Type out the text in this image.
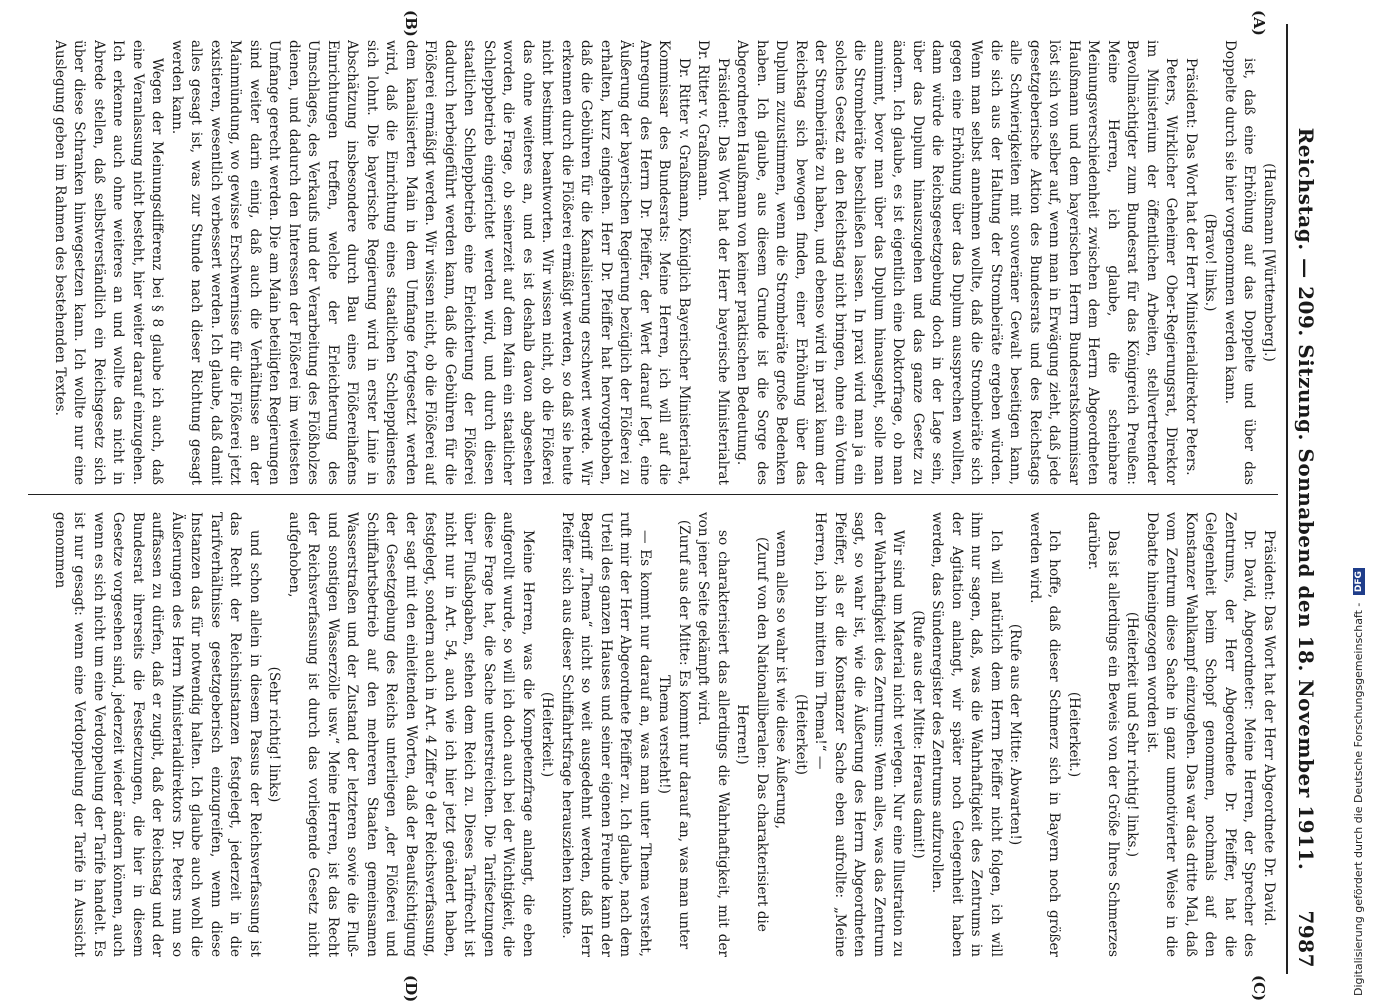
Reichstag. — 209. Sitzung. Sonnabend den 18. November 1911.
7987
(A)
(B)
(C)
(D)

(Haußmann [Württemberg].)

ist, daß eine Erhöhung auf das Doppelte und über das Doppelte durch sie hier vorgenommen werden kann.

(Bravo! links.)

Präsident: Das Wort hat der Herr Ministerialdirektor Peters.

Peters, Wirklicher Geheimer Ober-Regierungsrat, Direktor im Ministerium der öffentlichen Arbeiten, stellvertretender Bevollmächtigter zum Bundesrat für das Königreich Preußen: Meine Herren, ich glaube, die scheinbare Meinungsverschiedenheit zwischen dem Herrn Abgeordneten Haußmann und dem bayerischen Herrn Bundesratskommissar löst sich von selber auf, wenn man in Erwägung zieht, daß jede gesetzgeberische Aktion des Bundesrats und des Reichstags alle Schwierigkeiten mit souveräner Gewalt beseitigen kann, die sich aus der Haltung der Strombeiräte ergeben würden. Wenn man selbst annehmen wollte, daß die Strombeiräte sich gegen eine Erhöhung über das Duplum aussprechen wollten, dann würde die Reichsgesetzgebung doch in der Lage sein, über das Duplum hinauszugehen und das ganze Gesetz zu ändern. Ich glaube, es ist eigentlich eine Doktorfrage, ob man annimmt, bevor man über das Duplum hinausgeht, solle man die Strombeiräte beschließen lassen. In praxi wird man ja ein solches Gesetz an den Reichstag nicht bringen, ohne ein Votum der Strombeiräte zu haben, und ebenso wird in praxi kaum der Reichstag sich bewogen finden, einer Erhöhung über das Duplum zuzustimmen, wenn die Strombeiräte große Bedenken haben. Ich glaube, aus diesem Grunde ist die Sorge des Abgeordneten Haußmann von keiner praktischen Bedeutung.

Präsident: Das Wort hat der Herr bayerische Ministerialrat Dr. Ritter v. Graßmann.

Dr. Ritter v. Graßmann, Königlich Bayerischer Ministerialrat, Kommissar des Bundesrats: Meine Herren, ich will auf die Anregung des Herrn Dr. Pfeiffer, der Wert darauf legt, eine Äußerung der bayerischen Regierung bezüglich der Flößerei zu erhalten, kurz eingehen. Herr Dr. Pfeiffer hat hervorgehoben, daß die Gebühren für die Kanalisierung erschwert werde. Wir erkennen durch die Flößerei ermäßigt werden, so daß sie heute nicht bestimmt beantworten. Wir wissen nicht, ob die Flößerei das ohne weiteres an, und es ist deshalb davon abgesehen worden, die Frage, ob seinerzeit auf dem Main ein staatlicher Schleppbetrieb eingerichtet werden wird, und durch diesen staatlichen Schleppbetrieb eine Erleichterung der Flößerei dadurch herbeigeführt werden kann, daß die Gebühren für die Flößerei ermäßigt werden. Wir wissen nicht, ob die Flößerei auf dem kanalisierten Main in dem Umfange fortgesetzt werden wird, daß die Einrichtung eines staatlichen Schleppdienstes sich lohnt. Die bayerische Regierung wird in erster Linie in Abschätzung insbesondere durch Bau eines Flößereihafens Einrichtungen treffen, welche der Erleichterung des Umschlages, des Verkaufs und der Verarbeitung des Flößholzes dienen, und dadurch den Interessen der Flößerei im weitesten Umfange gerecht werden. Die am Main beteiligten Regierungen sind weiter darin einig, daß auch die Verhältnisse an der Mainmündung, wo gewisse Erschwernisse für die Flößerei jetzt existieren, wesentlich verbessert werden. Ich glaube, daß damit alles gesagt ist, was zur Stunde nach dieser Richtung gesagt werden kann.

Wegen der Meinungsdifferenz bei § 8 glaube ich auch, daß eine Veranlassung nicht besteht, hier weiter darauf einzugehen. Ich erkenne auch ohne weiteres an und wollte das nicht in Abrede stellen, daß selbstverständlich ein Reichsgesetz sich über diese Schranken hinwegsetzen kann. Ich wollte nur eine Auslegung geben im Rahmen des bestehenden Textes.

Präsident: Das Wort hat der Herr Abgeordnete Dr. David.

Dr. David, Abgeordneter: Meine Herren, der Sprecher des Zentrums, der Herr Abgeordnete Dr. Pfeiffer, hat die Gelegenheit beim Schopf genommen, nochmals auf den Konstanzer Wahlkampf einzugehen. Das war das dritte Mal, daß vom Zentrum diese Sache in ganz unmotivierter Weise in die Debatte hineingezogen worden ist.

(Heiterkeit und Sehr richtig! links.)

Das ist allerdings ein Beweis von der Größe Ihres Schmerzes darüber.

(Heiterkeit.)

Ich hoffe, daß dieser Schmerz sich in Bayern noch größer werden wird.

(Rufe aus der Mitte: Abwarten!)

Ich will natürlich dem Herrn Pfeiffer nicht folgen, ich will ihm nur sagen, daß, was die Wahrhaftigkeit des Zentrums in der Agitation anlangt, wir später noch Gelegenheit haben werden, das Sündenregister des Zentrums aufzurollen.

(Rufe aus der Mitte: Heraus damit!)

Wir sind um Material nicht verlegen. Nur eine Illustration zu der Wahrhaftigkeit des Zentrums: Wenn alles, was das Zentrum sagt, so wahr ist, wie die Äußerung des Herrn Abgeordneten Pfeiffer, als er die Konstanzer Sache eben aufrollte: „Meine Herren, ich bin mitten im Thema!“ —

(Heiterkeit)

wenn alles so wahr ist wie diese Äußerung,

(Zuruf von den Nationalliberalen: Das charakterisiert die Herren!)

so charakterisiert das allerdings die Wahrhaftigkeit, mit der von jener Seite gekämpft wird.

(Zuruf aus der Mitte: Es kommt nur darauf an, was man unter Thema versteht!)

— Es kommt nur darauf an, was man unter Thema versteht, ruft mir der Herr Abgeordnete Pfeiffer zu. Ich glaube, nach dem Urteil des ganzen Hauses und seiner eigenen Freunde kann der Begriff „Thema“ nicht so weit ausgedehnt werden, daß Herr Pfeiffer sich aus dieser Schiffahrtsfrage herausziehen konnte.

(Heiterkeit.)

Meine Herren, was die Kompetenzfrage anlangt, die eben aufgerollt wurde, so will ich doch auch bei der Wichtigkeit, die diese Frage hat, die Sache unterstreichen. Die Tarifsetzungen über Flußabgaben, stehen dem Reich zu. Dieses Tarifrecht ist nicht nur in Art. 54, auch wie ich hier jetzt geändert haben, festgelegt, sondern auch in Art. 4 Ziffer 9 der Reichsverfassung, der sagt mit den einleitenden Worten, daß der Beaufsichtigung der Gesetzgebung des Reichs unterliegen „der Flößerei und Schiffahrtsbetrieb auf den mehreren Staaten gemeinsamen Wasserstraßen und der Zustand der letzteren sowie die Fluß- und sonstigen Wasserzölle usw.“ Meine Herren, ist das Recht der Reichsverfassung ist durch das vorliegende Gesetz nicht aufgehoben,

(Sehr richtig! links)

und schon allein in diesem Passus der Reichsverfassung ist das Recht der Reichsinstanzen festgelegt, jederzeit in die Tarifverhältnisse gesetzgeberisch einzugreifen, wenn diese Instanzen das für notwendig halten. Ich glaube auch wohl die Äußerungen des Herrn Ministerialdirektors Dr. Peters nun so auffassen zu dürfen, daß er zugibt, daß der Reichstag und der Bundesrat ihrerseits die Festsetzungen, die hier in diesem Gesetze vorgesehen sind, jederzeit wieder ändern können, auch wenn es sich nicht um eine Verdoppelung der Tarife handelt. Es ist nur gesagt: wenn eine Verdoppelung der Tarife in Aussicht genommen

Digitalisierung gefördert durch die Deutsche Forschungsgemeinschaft - DFG
